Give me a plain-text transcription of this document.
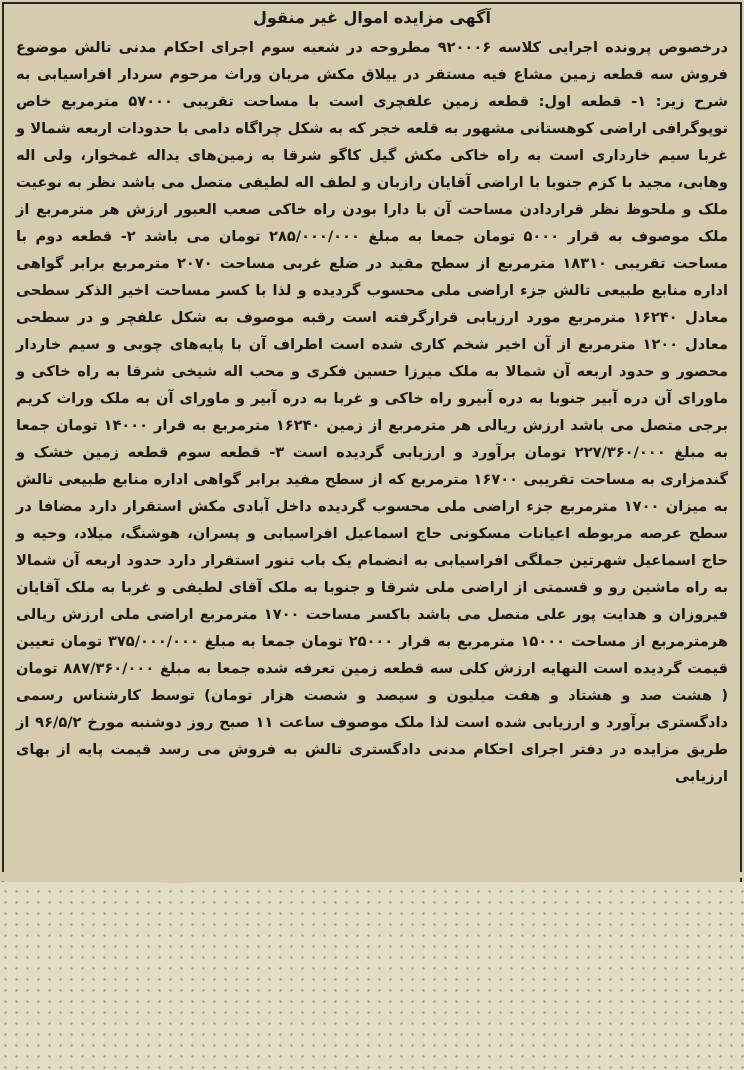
آگهی مزایده اموال غیر منقول

درخصوص پرونده اجرایی کلاسه ۹۲۰۰۰۶ مطروحه در شعبه سوم اجرای احکام مدنی تالش موضوع فروش سه قطعه زمین مشاع فیه مستقر در ییلاق مکش مریان وراث مرحوم سردار افراسیابی به شرح زیر: ۱- قطعه اول: قطعه زمین علفچری است با مساحت تقریبی ۵۷۰۰۰ مترمربع خاص توپوگرافی اراضی کوهستانی مشهور به قلعه خجر که به شکل چراگاه دامی با حدودات اربعه شمالا و غربا سیم خارداری است به راه خاکی مکش گیل کاگو شرقا به زمین‌های یداله غمخوار، ولی اله وهابی، مجید با کزم جنوبا با اراضی آقایان رازبان و لطف اله لطیفی متصل می باشد نظر به نوعیت ملک و ملحوظ نظر قراردادن مساحت آن با دارا بودن راه خاکی صعب العبور ارزش هر مترمربع از ملک موصوف به قرار ۵۰۰۰ تومان جمعا به مبلغ ۲۸۵/۰۰۰/۰۰۰ تومان می باشد ۲- قطعه دوم با مساحت تقریبی ۱۸۳۱۰ مترمربع از سطح مقید در ضلع غربی مساحت ۲۰۷۰ مترمربع برابر گواهی اداره منابع طبیعی تالش جزء اراضی ملی محسوب گردیده و لذا با کسر مساحت اخیر الذکر سطحی معادل ۱۶۲۴۰ مترمربع مورد ارزیابی قرارگرفته است رقبه موصوف به شکل علفچر و در سطحی معادل ۱۲۰۰ مترمربع از آن اخیر شخم کاری شده است اطراف آن با پایه‌های چوبی و سیم خاردار محصور و حدود اربعه آن شمالا به ملک میرزا حسین فکری و محب اله شیخی شرقا به راه خاکی و ماورای آن دره آبیر جنوبا به دره آبیرو راه خاکی و غربا به دره آبیر و ماورای آن به ملک وراث کریم برجی متصل می باشد ارزش ریالی هر مترمربع از زمین ۱۶۲۴۰ مترمربع به قرار ۱۴۰۰۰ تومان جمعا به مبلغ ۲۲۷/۳۶۰/۰۰۰ تومان برآورد و ارزیابی گردیده است ۳- قطعه سوم قطعه زمین خشک و گندمزاری به مساحت تقریبی ۱۶۷۰۰ مترمربع که از سطح مفید برابر گواهی اداره منابع طبیعی تالش به میزان ۱۷۰۰ مترمربع جزء اراضی ملی محسوب گردیده داخل آبادی مکش استقرار دارد مضافا در سطح عرصه مربوطه اعیانات مسکونی حاج اسماعیل افراسیابی و پسران، هوشنگ، میلاد، وحیه و حاج اسماعیل شهرتین جملگی افراسیابی به انضمام یک باب تنور استقرار دارد حدود اربعه آن شمالا به راه ماشین رو و قسمتی از اراضی ملی شرقا و جنوبا به ملک آقای لطیفی و غربا به ملک آقایان فیروزان و هدایت پور علی متصل می باشد باکسر مساحت ۱۷۰۰ مترمربع اراضی ملی ارزش ریالی هرمترمربع از مساحت ۱۵۰۰۰ مترمربع به قرار ۲۵۰۰۰ تومان جمعا به مبلغ ۳۷۵/۰۰۰/۰۰۰ تومان تعیین قیمت گردیده است النهایه ارزش کلی سه قطعه زمین تعرفه شده جمعا به مبلغ ۸۸۷/۳۶۰/۰۰۰ تومان ( هشت صد و هشتاد و هفت میلیون و سیصد و شصت هزار تومان) توسط کارشناس رسمی دادگستری برآورد و ارزیابی شده است لذا ملک موصوف ساعت ۱۱ صبح روز دوشنبه مورخ ۹۶/۵/۲ از طریق مزایده در دفتر اجرای احکام مدنی دادگستری تالش به فروش می رسد قیمت پایه از بهای ارزیابی
